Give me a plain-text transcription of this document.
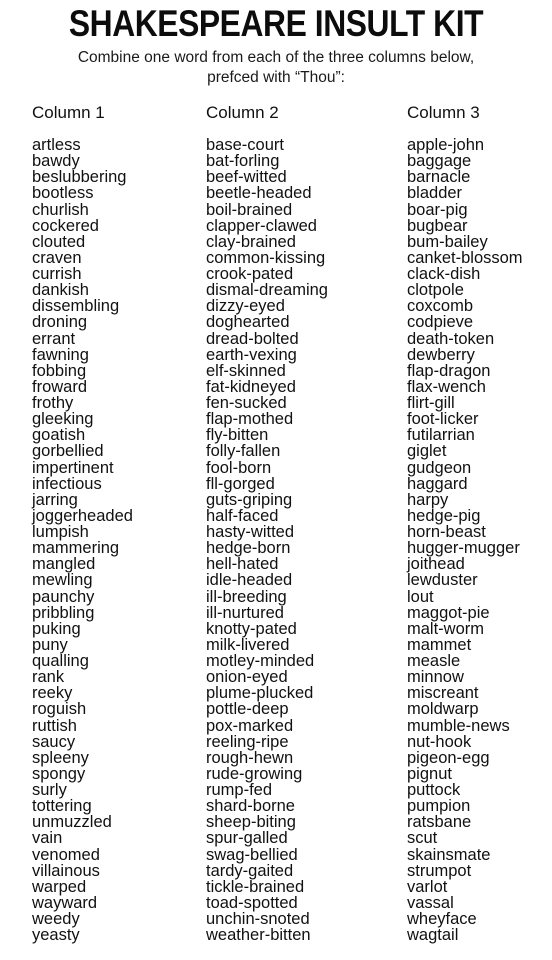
SHAKESPEARE INSULT KIT
Combine one word from each of the three columns below,
prefced with “Thou”:
Column 1
artless
bawdy
beslubbering
bootless
churlish
cockered
clouted
craven
currish
dankish
dissembling
droning
errant
fawning
fobbing
froward
frothy
gleeking
goatish
gorbellied
impertinent
infectious
jarring
joggerheaded
lumpish
mammering
mangled
mewling
paunchy
pribbling
puking
puny
qualling
rank
reeky
roguish
ruttish
saucy
spleeny
spongy
surly
tottering
unmuzzled
vain
venomed
villainous
warped
wayward
weedy
yeasty
Column 2
base-court
bat-forling
beef-witted
beetle-headed
boil-brained
clapper-clawed
clay-brained
common-kissing
crook-pated
dismal-dreaming
dizzy-eyed
doghearted
dread-bolted
earth-vexing
elf-skinned
fat-kidneyed
fen-sucked
flap-mothed
fly-bitten
folly-fallen
fool-born
fll-gorged
guts-griping
half-faced
hasty-witted
hedge-born
hell-hated
idle-headed
ill-breeding
ill-nurtured
knotty-pated
milk-livered
motley-minded
onion-eyed
plume-plucked
pottle-deep
pox-marked
reeling-ripe
rough-hewn
rude-growing
rump-fed
shard-borne
sheep-biting
spur-galled
swag-bellied
tardy-gaited
tickle-brained
toad-spotted
unchin-snoted
weather-bitten
Column 3
apple-john
baggage
barnacle
bladder
boar-pig
bugbear
bum-bailey
canket-blossom
clack-dish
clotpole
coxcomb
codpieve
death-token
dewberry
flap-dragon
flax-wench
flirt-gill
foot-licker
futilarrian
giglet
gudgeon
haggard
harpy
hedge-pig
horn-beast
hugger-mugger
joithead
lewduster
lout
maggot-pie
malt-worm
mammet
measle
minnow
miscreant
moldwarp
mumble-news
nut-hook
pigeon-egg
pignut
puttock
pumpion
ratsbane
scut
skainsmate
strumpot
varlot
vassal
wheyface
wagtail
